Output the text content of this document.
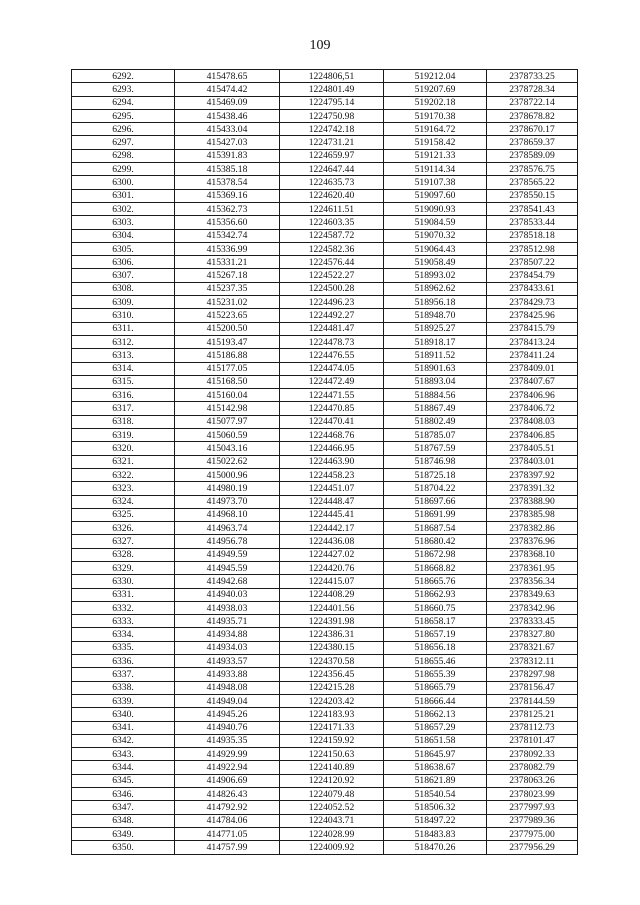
109
6292.	415478.65	1224806,51	519212.04	2378733.25
6293.	415474.42	1224801.49	519207.69	2378728.34
6294.	415469.09	1224795.14	519202.18	2378722.14
6295.	415438.46	1224750.98	519170.38	2378678.82
6296.	415433.04	1224742.18	519164.72	2378670.17
6297.	415427.03	1224731.21	519158.42	2378659.37
6298.	415391.83	1224659.97	519121.33	2378589.09
6299.	415385.18	1224647.44	519114.34	2378576.75
6300.	415378.54	1224635.73	519107.38	2378565.22
6301.	415369.16	1224620.40	519097.60	2378550.15
6302.	415362.73	1224611.51	519090.93	2378541.43
6303.	415356.60	1224603.35	519084.59	2378533.44
6304.	415342.74	1224587.72	519070.32	2378518.18
6305.	415336.99	1224582.36	519064.43	2378512.98
6306.	415331.21	1224576.44	519058.49	2378507.22
6307.	415267.18	1224522.27	518993.02	2378454.79
6308.	415237.35	1224500.28	518962.62	2378433.61
6309.	415231.02	1224496.23	518956.18	2378429.73
6310.	415223.65	1224492.27	518948.70	2378425.96
6311.	415200.50	1224481.47	518925.27	2378415.79
6312.	415193.47	1224478.73	518918.17	2378413.24
6313.	415186.88	1224476.55	518911.52	2378411.24
6314.	415177.05	1224474.05	518901.63	2378409.01
6315.	415168.50	1224472.49	518893.04	2378407.67
6316.	415160.04	1224471.55	518884.56	2378406.96
6317.	415142.98	1224470.85	518867.49	2378406.72
6318.	415077.97	1224470.41	518802.49	2378408.03
6319.	415060.59	1224468.76	518785.07	2378406.85
6320.	415043.16	1224466.95	518767.59	2378405.51
6321.	415022.62	1224463.90	518746.98	2378403.01
6322.	415000.96	1224458.23	518725.18	2378397.92
6323.	414980.19	1224451.07	518704.22	2378391.32
6324.	414973.70	1224448.47	518697.66	2378388.90
6325.	414968.10	1224445.41	518691.99	2378385.98
6326.	414963.74	1224442.17	518687.54	2378382.86
6327.	414956.78	1224436.08	518680.42	2378376.96
6328.	414949.59	1224427.02	518672.98	2378368.10
6329.	414945.59	1224420.76	518668.82	2378361.95
6330.	414942.68	1224415.07	518665.76	2378356.34
6331.	414940.03	1224408.29	518662.93	2378349.63
6332.	414938.03	1224401.56	518660.75	2378342.96
6333.	414935.71	1224391.98	518658.17	2378333.45
6334.	414934.88	1224386.31	518657.19	2378327.80
6335.	414934.03	1224380.15	518656.18	2378321.67
6336.	414933.57	1224370.58	518655.46	2378312.11
6337.	414933.88	1224356.45	518655.39	2378297.98
6338.	414948.08	1224215.28	518665.79	2378156.47
6339.	414949.04	1224203.42	518666.44	2378144.59
6340.	414945.26	1224183.93	518662.13	2378125.21
6341.	414940.76	1224171.33	518657.29	2378112.73
6342.	414935.35	1224159.92	518651.58	2378101.47
6343.	414929.99	1224150.63	518645.97	2378092.33
6344.	414922.94	1224140.89	518638.67	2378082.79
6345.	414906.69	1224120.92	518621.89	2378063.26
6346.	414826.43	1224079.48	518540.54	2378023.99
6347.	414792.92	1224052.52	518506.32	2377997.93
6348.	414784.06	1224043.71	518497.22	2377989.36
6349.	414771.05	1224028.99	518483.83	2377975.00
6350.	414757.99	1224009.92	518470.26	2377956.29
